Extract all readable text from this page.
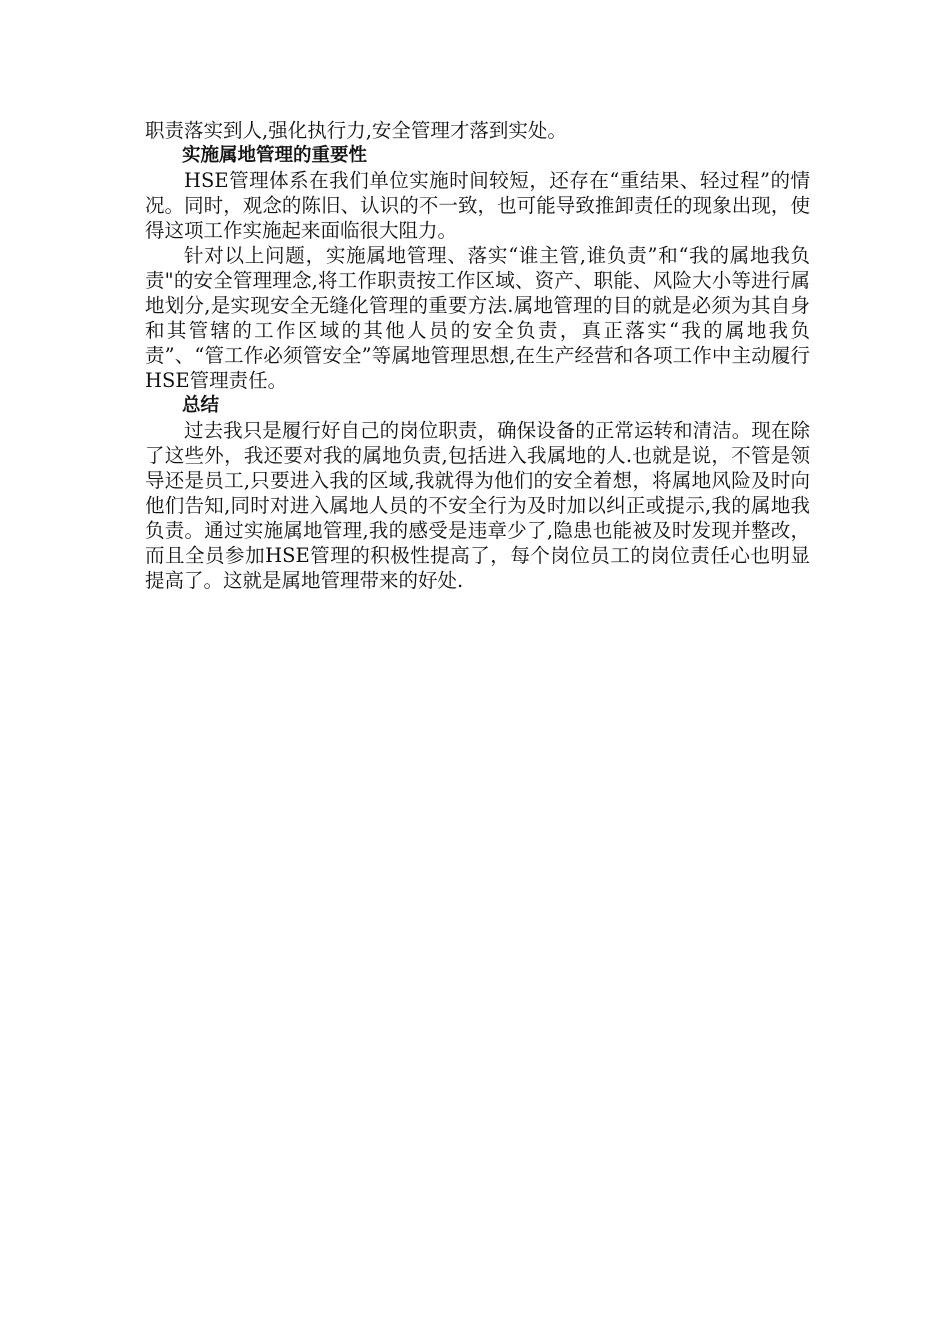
职责落实到人,强化执行力,安全管理才落到实处。

实施属地管理的重要性

HSE管理体系在我们单位实施时间较短，还存在“重结果、轻过程”的情况。同时，观念的陈旧、认识的不一致，也可能导致推卸责任的现象出现，使得这项工作实施起来面临很大阻力。

针对以上问题，实施属地管理、落实“谁主管,谁负责”和“我的属地我负责"的安全管理理念,将工作职责按工作区域、资产、职能、风险大小等进行属地划分,是实现安全无缝化管理的重要方法.属地管理的目的就是必须为其自身和其管辖的工作区域的其他人员的安全负责，真正落实“我的属地我负责”、“管工作必须管安全”等属地管理思想,在生产经营和各项工作中主动履行HSE管理责任。

总结

过去我只是履行好自己的岗位职责，确保设备的正常运转和清洁。现在除了这些外，我还要对我的属地负责,包括进入我属地的人.也就是说，不管是领导还是员工,只要进入我的区域,我就得为他们的安全着想，将属地风险及时向他们告知,同时对进入属地人员的不安全行为及时加以纠正或提示,我的属地我负责。通过实施属地管理,我的感受是违章少了,隐患也能被及时发现并整改，而且全员参加HSE管理的积极性提高了，每个岗位员工的岗位责任心也明显提高了。这就是属地管理带来的好处.
